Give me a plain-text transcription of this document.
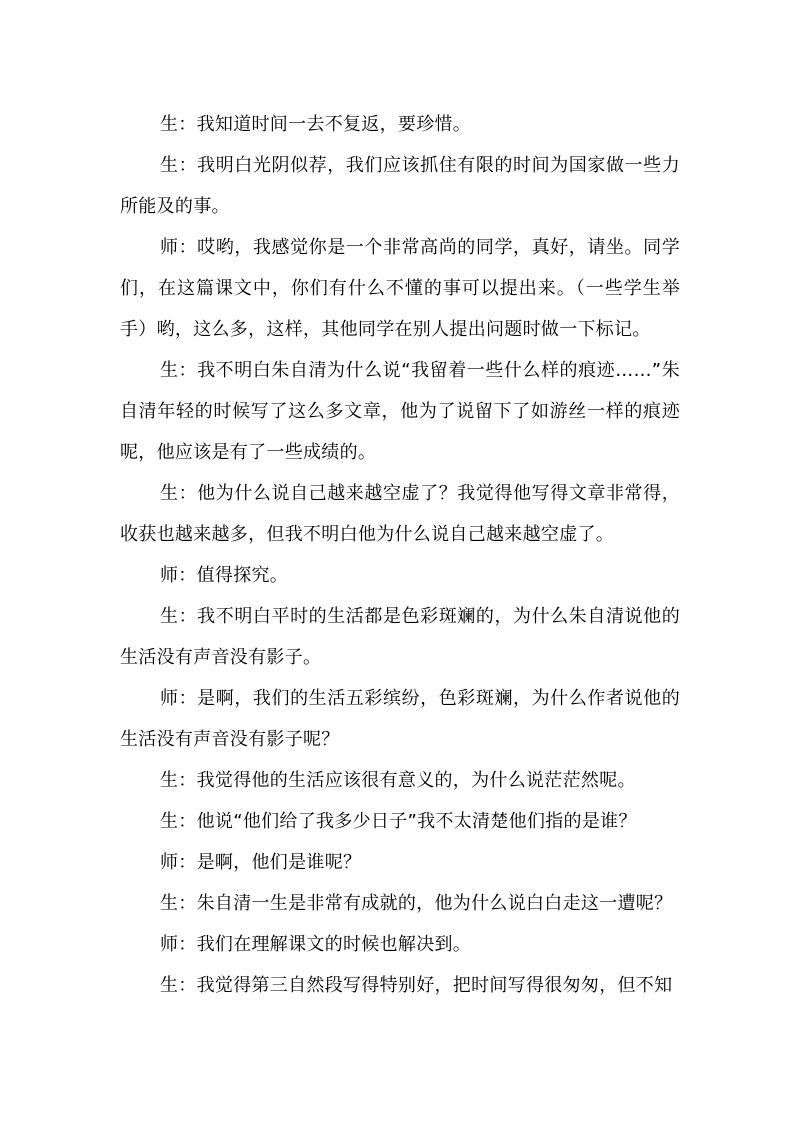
生：我知道时间一去不复返，要珍惜。

生：我明白光阴似荐，我们应该抓住有限的时间为国家做一些力所能及的事。

师：哎哟，我感觉你是一个非常高尚的同学，真好，请坐。同学们，在这篇课文中，你们有什么不懂的事可以提出来。（一些学生举手）哟，这么多，这样，其他同学在别人提出问题时做一下标记。

生：我不明白朱自清为什么说“我留着一些什么样的痕迹……”朱自清年轻的时候写了这么多文章，他为了说留下了如游丝一样的痕迹呢，他应该是有了一些成绩的。

生：他为什么说自己越来越空虚了？我觉得他写得文章非常得，收获也越来越多，但我不明白他为什么说自己越来越空虚了。

师：值得探究。

生：我不明白平时的生活都是色彩斑斓的，为什么朱自清说他的生活没有声音没有影子。

师：是啊，我们的生活五彩缤纷，色彩斑斓，为什么作者说他的生活没有声音没有影子呢？

生：我觉得他的生活应该很有意义的，为什么说茫茫然呢。

生：他说“他们给了我多少日子”我不太清楚他们指的是谁？

师：是啊，他们是谁呢？

生：朱自清一生是非常有成就的，他为什么说白白走这一遭呢？

师：我们在理解课文的时候也解决到。

生：我觉得第三自然段写得特别好，把时间写得很匆匆，但不知
